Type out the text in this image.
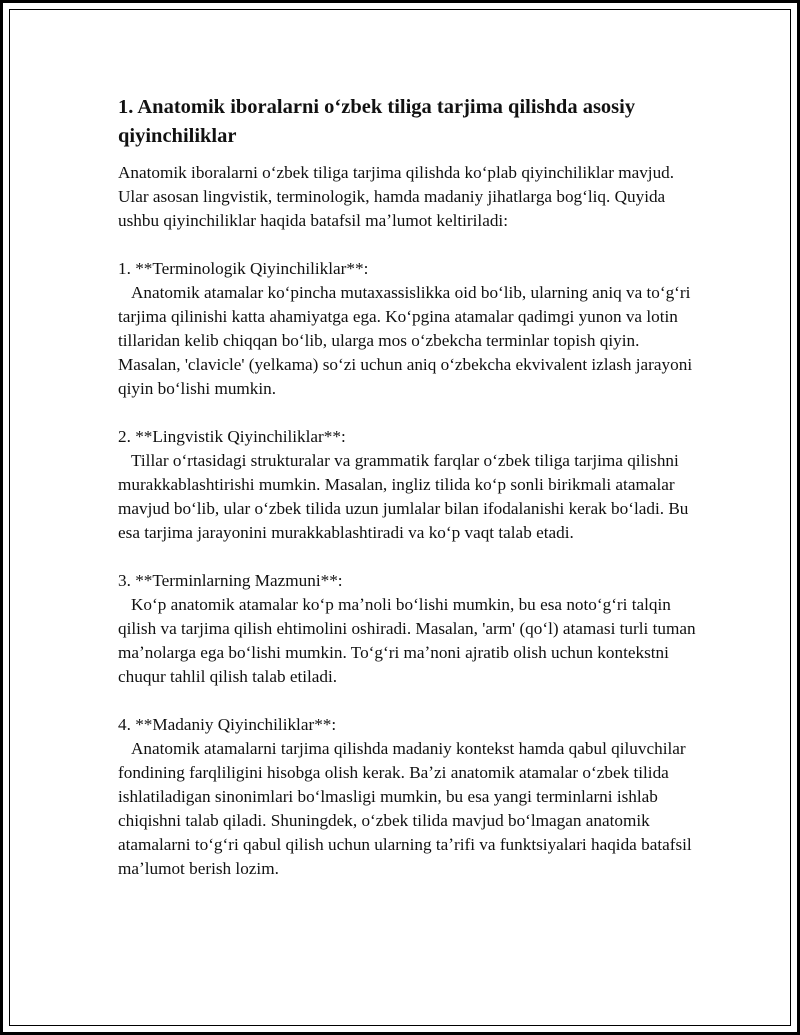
1. Anatomik iboralarni oʻzbek tiliga tarjima qilishda asosiy qiyinchiliklar

Anatomik iboralarni oʻzbek tiliga tarjima qilishda koʻplab qiyinchiliklar mavjud. Ular asosan lingvistik, terminologik, hamda madaniy jihatlarga bogʻliq. Quyida ushbu qiyinchiliklar haqida batafsil maʼlumot keltiriladi:

1. **Terminologik Qiyinchiliklar**:
Anatomik atamalar koʻpincha mutaxassislikka oid boʻlib, ularning aniq va toʻgʻri tarjima qilinishi katta ahamiyatga ega. Koʻpgina atamalar qadimgi yunon va lotin tillaridan kelib chiqqan boʻlib, ularga mos oʻzbekcha terminlar topish qiyin. Masalan, 'clavicle' (yelkama) soʻzi uchun aniq oʻzbekcha ekvivalent izlash jarayoni qiyin boʻlishi mumkin.
2. **Lingvistik Qiyinchiliklar**:
Tillar oʻrtasidagi strukturalar va grammatik farqlar oʻzbek tiliga tarjima qilishni murakkablashtirishi mumkin. Masalan, ingliz tilida koʻp sonli birikmali atamalar mavjud boʻlib, ular oʻzbek tilida uzun jumlalar bilan ifodalanishi kerak boʻladi. Bu esa tarjima jarayonini murakkablashtiradi va koʻp vaqt talab etadi.
3. **Terminlarning Mazmuni**:
Koʻp anatomik atamalar koʻp maʼnoli boʻlishi mumkin, bu esa notoʻgʻri talqin qilish va tarjima qilish ehtimolini oshiradi. Masalan, 'arm' (qoʻl) atamasi turli tuman maʼnolarga ega boʻlishi mumkin. Toʻgʻri maʼnoni ajratib olish uchun kontekstni chuqur tahlil qilish talab etiladi.
4. **Madaniy Qiyinchiliklar**:
Anatomik atamalarni tarjima qilishda madaniy kontekst hamda qabul qiluvchilar fondining farqliligini hisobga olish kerak. Baʼzi anatomik atamalar oʻzbek tilida ishlatiladigan sinonimlari boʻlmasligi mumkin, bu esa yangi terminlarni ishlab chiqishni talab qiladi. Shuningdek, oʻzbek tilida mavjud boʻlmagan anatomik atamalarni toʻgʻri qabul qilish uchun ularning taʼrifi va funktsiyalari haqida batafsil maʼlumot berish lozim.
